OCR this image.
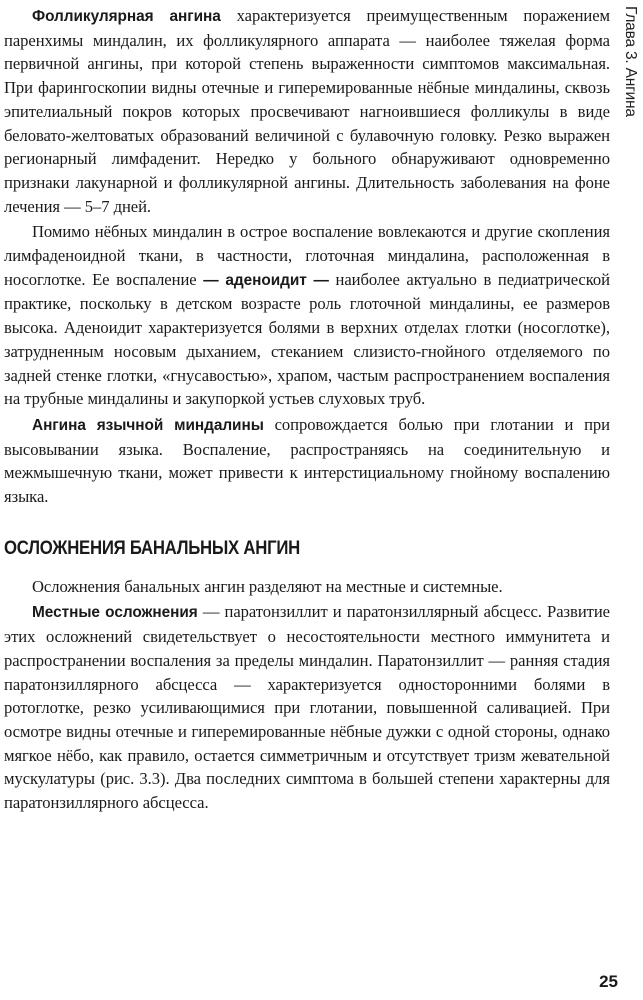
Глава 3. Ангина

Фолликулярная ангина характеризуется преимущественным поражением паренхимы миндалин, их фолликулярного аппарата — наиболее тяжелая форма первичной ангины, при которой степень выраженности симптомов максимальная. При фарингоскопии видны отечные и гиперемированные нёбные миндалины, сквозь эпителиальный покров которых просвечивают нагноившиеся фолликулы в виде беловато-желтоватых образований величиной с булавочную головку. Резко выражен регионарный лимфаденит. Нередко у больного обнаруживают одновременно признаки лакунарной и фолликулярной ангины. Длительность заболевания на фоне лечения — 5–7 дней.

Помимо нёбных миндалин в острое воспаление вовлекаются и другие скопления лимфаденоидной ткани, в частности, глоточная миндалина, расположенная в носоглотке. Ее воспаление — аденоидит — наиболее актуально в педиатрической практике, поскольку в детском возрасте роль глоточной миндалины, ее размеров высока. Аденоидит характеризуется болями в верхних отделах глотки (носоглотке), затрудненным носовым дыханием, стеканием слизисто-гнойного отделяемого по задней стенке глотки, «гнусавостью», храпом, частым распространением воспаления на трубные миндалины и закупоркой устьев слуховых труб.

Ангина язычной миндалины сопровождается болью при глотании и при высовывании языка. Воспаление, распространяясь на соединительную и межмышечную ткани, может привести к интерстициальному гнойному воспалению языка.

ОСЛОЖНЕНИЯ БАНАЛЬНЫХ АНГИН

Осложнения банальных ангин разделяют на местные и системные.

Местные осложнения — паратонзиллит и паратонзиллярный абсцесс. Развитие этих осложнений свидетельствует о несостоятельности местного иммунитета и распространении воспаления за пределы миндалин. Паратонзиллит — ранняя стадия паратонзиллярного абсцесса — характеризуется односторонними болями в ротоглотке, резко усиливающимися при глотании, повышенной саливацией. При осмотре видны отечные и гиперемированные нёбные дужки с одной стороны, однако мягкое нёбо, как правило, остается симметричным и отсутствует тризм жевательной мускулатуры (рис. 3.3). Два последних симптома в большей степени характерны для паратонзиллярного абсцесса.

25
